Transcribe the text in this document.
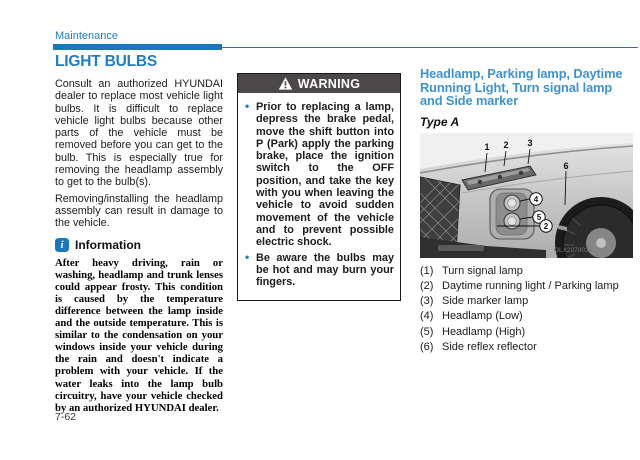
Maintenance
LIGHT BULBS

Consult an authorized HYUNDAI dealer to replace most vehicle light bulbs. It is difficult to replace vehicle light bulbs because other parts of the vehicle must be removed before you can get to the bulb. This is especially true for removing the headlamp assembly to get to the bulb(s).

Removing/installing the headlamp assembly can result in damage to the vehicle.

i Information

After heavy driving, rain or washing, headlamp and trunk lenses could appear frosty. This condition is caused by the temperature difference between the lamp inside and the outside temperature. This is similar to the condensation on your windows inside your vehicle during the rain and doesn't indicate a problem with your vehicle. If the water leaks into the lamp bulb circuitry, have your vehicle checked by an authorized HYUNDAI dealer.

WARNING
• Prior to replacing a lamp, depress the brake pedal, move the shift button into P (Park) apply the parking brake, place the ignition switch to the OFF position, and take the key with you when leaving the vehicle to avoid sudden movement of the vehicle and to prevent possible electric shock.
• Be aware the bulbs may be hot and may burn your fingers.
Headlamp, Parking lamp, Daytime Running Light, Turn signal lamp and Side marker
Type A
OLX2079034
1 2 3
6
4
5
2
(1) Turn signal lamp
(2) Daytime running light / Parking lamp
(3) Side marker lamp
(4) Headlamp (Low)
(5) Headlamp (High)
(6) Side reflex reflector
7-62
